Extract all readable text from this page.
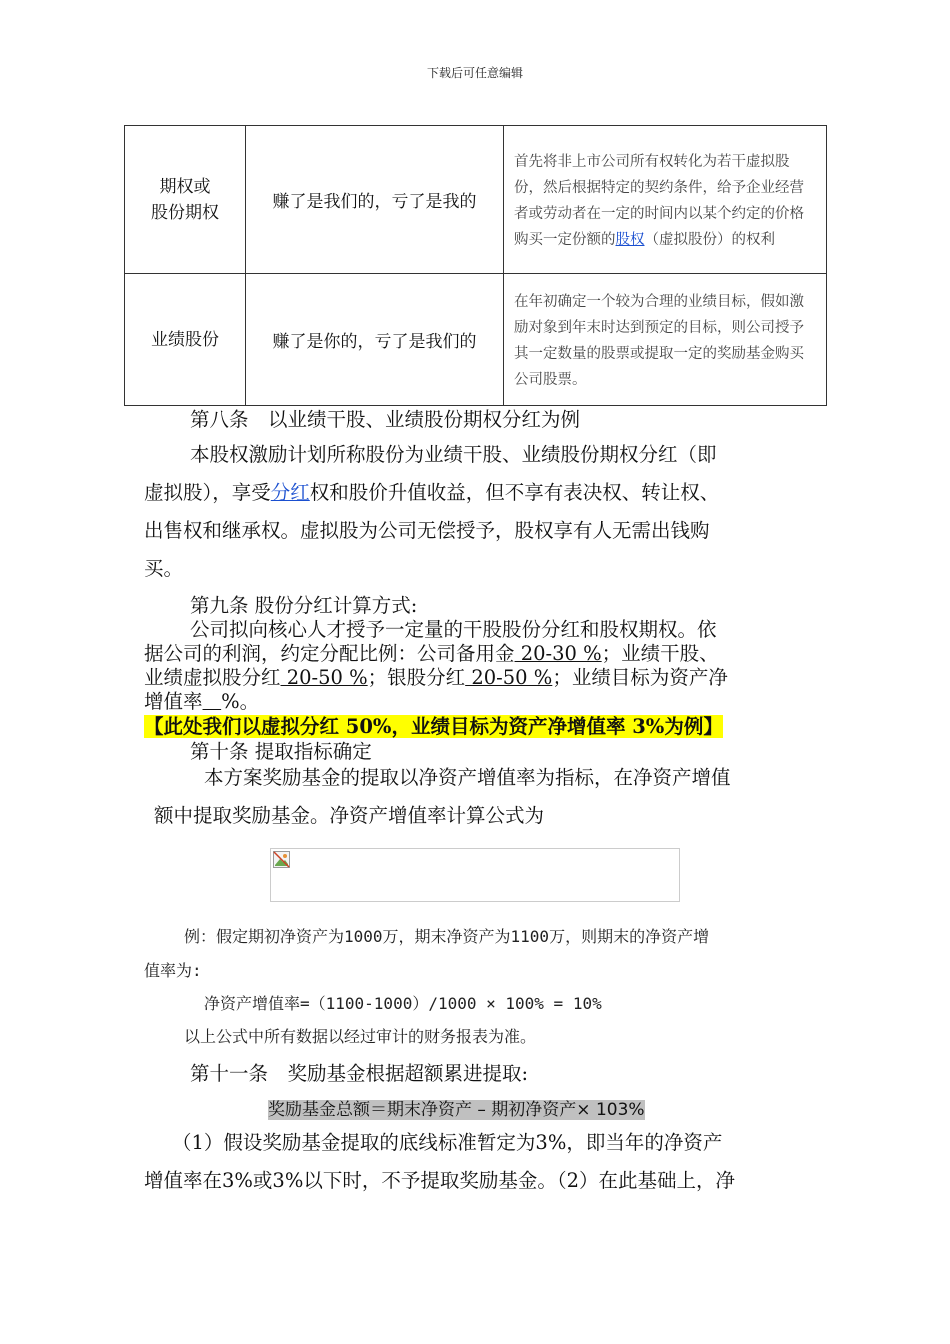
下载后可任意编辑
期权或
股份期权	赚了是我们的，亏了是我的	首先将非上市公司所有权转化为若干虚拟股份，然后根据特定的契约条件，给予企业经营者或劳动者在一定的时间内以某个约定的价格购买一定份额的股权（虚拟股份）的权利

业绩股份	赚了是你的，亏了是我们的	在年初确定一个较为合理的业绩目标，假如激励对象到年末时达到预定的目标，则公司授予其一定数量的股票或提取一定的奖励基金购买公司股票。
第八条　以业绩干股、业绩股份期权分红为例
本股权激励计划所称股份为业绩干股、业绩股份期权分红（即
虚拟股），享受分红权和股价升值收益，但不享有表决权、转让权、
出售权和继承权。虚拟股为公司无偿授予，股权享有人无需出钱购
买。
第九条 股份分红计算方式:
公司拟向核心人才授予一定量的干股股份分红和股权期权。依
据公司的利润，约定分配比例：公司备用金 20-30 %；业绩干股、
业绩虚拟股分红 20-50 %；银股分红 20-50 %；业绩目标为资产净
增值率 %。
【此处我们以虚拟分红 50%，业绩目标为资产净增值率 3%为例】
第十条 提取指标确定
本方案奖励基金的提取以净资产增值率为指标，在净资产增值
额中提取奖励基金。净资产增值率计算公式为
例：假定期初净资产为1000万，期末净资产为1100万，则期末的净资产增
值率为:
净资产增值率=（1100-1000）/1000 × 100% = 10%
以上公式中所有数据以经过审计的财务报表为准。
第十一条　奖励基金根据超额累进提取:
奖励基金总额＝期末净资产 – 期初净资产× 103%
（1）假设奖励基金提取的底线标准暂定为3%，即当年的净资产
增值率在3%或3%以下时，不予提取奖励基金。（2）在此基础上，净
